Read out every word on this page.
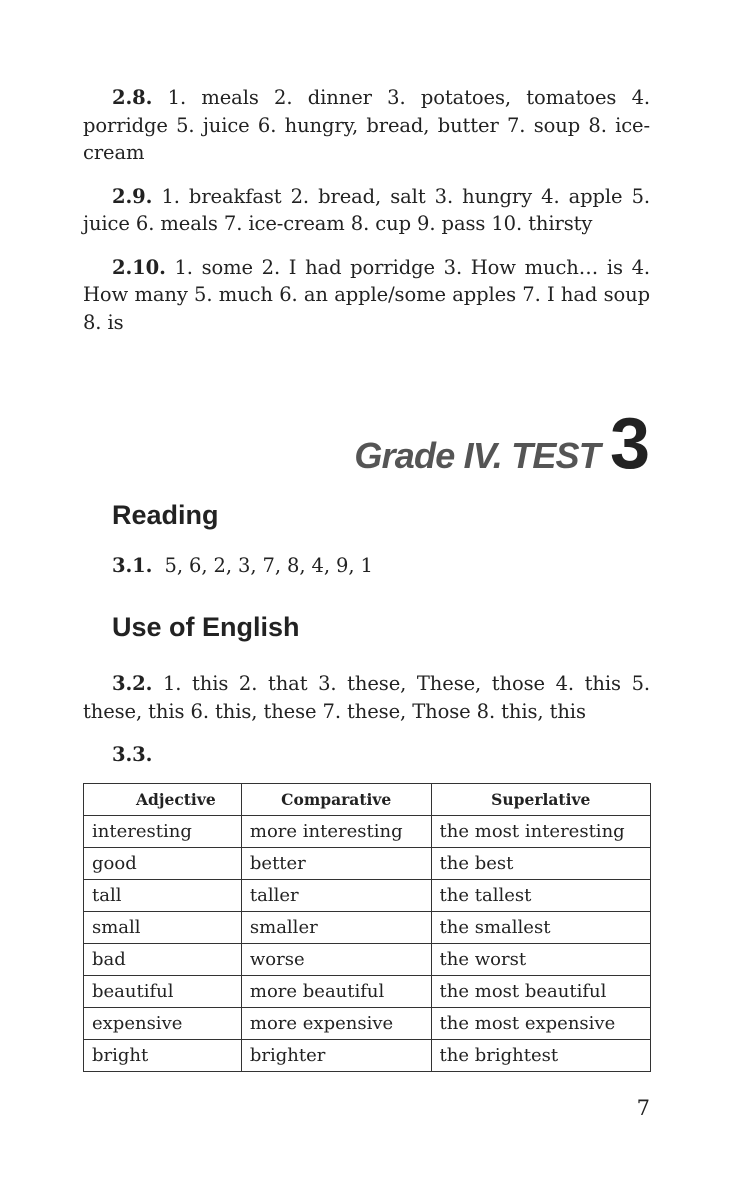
2.8. 1. meals 2. dinner 3. potatoes, tomatoes 4. porridge 5. juice 6. hungry, bread, butter 7. soup 8. ice-cream

2.9. 1. breakfast 2. bread, salt 3. hungry 4. apple 5. juice 6. meals 7. ice-cream 8. cup 9. pass 10. thirsty

2.10. 1. some 2. I had porridge 3. How much… is 4. How many 5. much 6. an apple/some apples 7. I had soup 8. is

Grade IV. TEST 3
Reading

3.1. 5, 6, 2, 3, 7, 8, 4, 9, 1

Use of English

3.2. 1. this 2. that 3. these, These, those 4. this 5. these, this 6. this, these 7. these, Those 8. this, this

3.3.

Adjective	Comparative	Superlative
interesting	more interesting	the most interesting
good	better	the best
tall	taller	the tallest
small	smaller	the smallest
bad	worse	the worst
beautiful	more beautiful	the most beautiful
expensive	more expensive	the most expensive
bright	brighter	the brightest
7
